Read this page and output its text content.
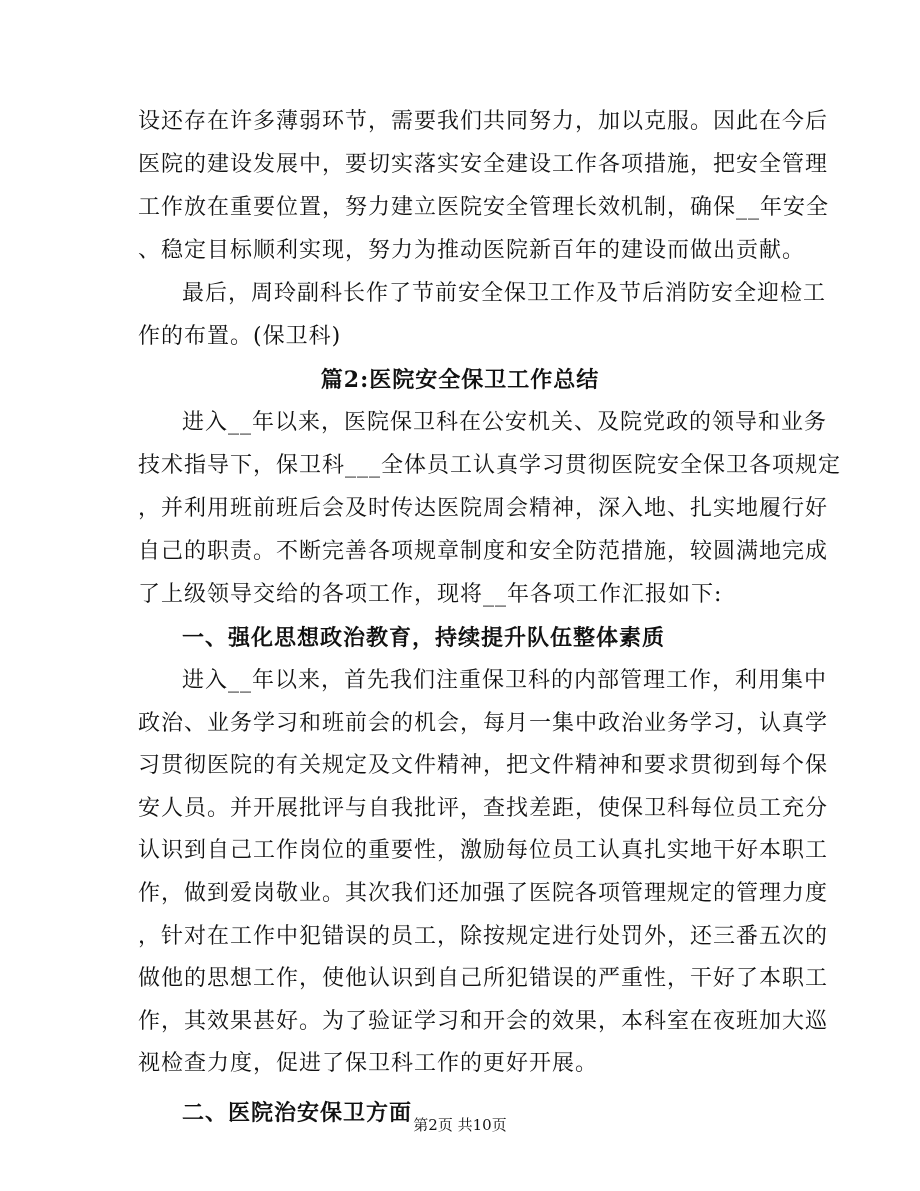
设还存在许多薄弱环节，需要我们共同努力，加以克服。因此在今后
医院的建设发展中，要切实落实安全建设工作各项措施，把安全管理
工作放在重要位置，努力建立医院安全管理长效机制，确保__年安全
、稳定目标顺利实现，努力为推动医院新百年的建设而做出贡献。
最后，周玲副科长作了节前安全保卫工作及节后消防安全迎检工
作的布置。(保卫科)
篇2:医院安全保卫工作总结
进入__年以来，医院保卫科在公安机关、及院党政的领导和业务
技术指导下，保卫科___全体员工认真学习贯彻医院安全保卫各项规定
，并利用班前班后会及时传达医院周会精神，深入地、扎实地履行好
自己的职责。不断完善各项规章制度和安全防范措施，较圆满地完成
了上级领导交给的各项工作，现将__年各项工作汇报如下:
一、强化思想政治教育，持续提升队伍整体素质
进入__年以来，首先我们注重保卫科的内部管理工作，利用集中
政治、业务学习和班前会的机会，每月一集中政治业务学习，认真学
习贯彻医院的有关规定及文件精神，把文件精神和要求贯彻到每个保
安人员。并开展批评与自我批评，查找差距，使保卫科每位员工充分
认识到自己工作岗位的重要性，激励每位员工认真扎实地干好本职工
作，做到爱岗敬业。其次我们还加强了医院各项管理规定的管理力度
，针对在工作中犯错误的员工，除按规定进行处罚外，还三番五次的
做他的思想工作，使他认识到自己所犯错误的严重性，干好了本职工
作，其效果甚好。为了验证学习和开会的效果，本科室在夜班加大巡
视检查力度，促进了保卫科工作的更好开展。
第2页 共10页
二、医院治安保卫方面
